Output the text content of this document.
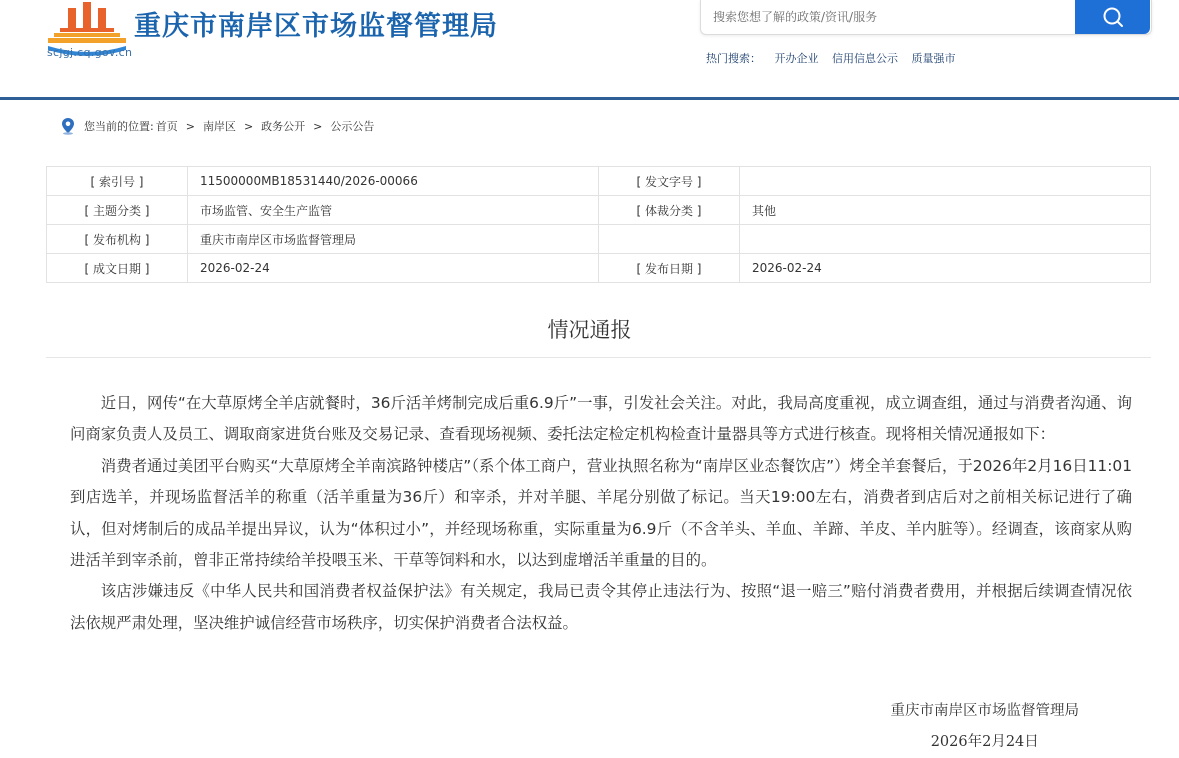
scjgj.cq.gov.cn
重庆市南岸区市场监督管理局
搜索您想了解的政策/资讯/服务
热门搜索： 开办企业 信用信息公示 质量强市
您当前的位置: 首页 > 南岸区 > 政务公开 > 公示公告
[ 索引号 ]	11500000MB18531440/2026-00066	[ 发文字号 ]	
[ 主题分类 ]	市场监管、安全生产监管	[ 体裁分类 ]	其他
[ 发布机构 ]	重庆市南岸区市场监督管理局		
[ 成文日期 ]	2026-02-24	[ 发布日期 ]	2026-02-24
情况通报

近日，网传“在大草原烤全羊店就餐时，36斤活羊烤制完成后重6.9斤”一事，引发社会关注。对此，我局高度重视，成立调查组，通过与消费者沟通、询问商家负责人及员工、调取商家进货台账及交易记录、查看现场视频、委托法定检定机构检查计量器具等方式进行核查。现将相关情况通报如下：

消费者通过美团平台购买“大草原烤全羊南滨路钟楼店”（系个体工商户，营业执照名称为“南岸区业态餐饮店”）烤全羊套餐后，于2026年2月16日11:01到店选羊，并现场监督活羊的称重（活羊重量为36斤）和宰杀，并对羊腿、羊尾分别做了标记。当天19:00左右，消费者到店后对之前相关标记进行了确认，但对烤制后的成品羊提出异议，认为“体积过小”，并经现场称重，实际重量为6.9斤（不含羊头、羊血、羊蹄、羊皮、羊内脏等）。经调查，该商家从购进活羊到宰杀前，曾非正常持续给羊投喂玉米、干草等饲料和水，以达到虚增活羊重量的目的。

该店涉嫌违反《中华人民共和国消费者权益保护法》有关规定，我局已责令其停止违法行为、按照“退一赔三”赔付消费者费用，并根据后续调查情况依法依规严肃处理，坚决维护诚信经营市场秩序，切实保护消费者合法权益。

重庆市南岸区市场监督管理局
2026年2月24日
